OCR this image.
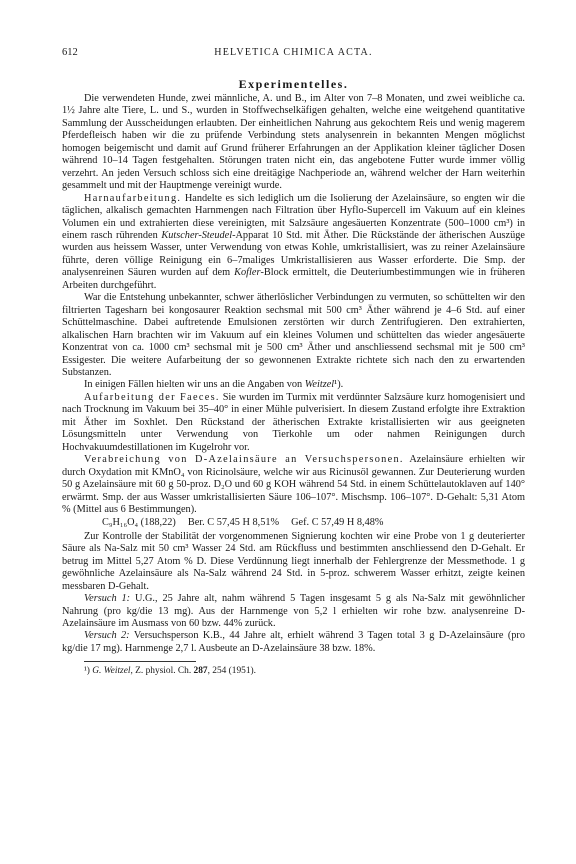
612	HELVETICA CHIMICA ACTA.
Experimentelles.

Die verwendeten Hunde, zwei männliche, A. und B., im Alter von 7–8 Monaten, und zwei weibliche ca. 1½ Jahre alte Tiere, L. und S., wurden in Stoffwechselkäfigen gehalten, welche eine weitgehend quantitative Sammlung der Ausscheidungen erlaubten. Der einheitlichen Nahrung aus gekochtem Reis und wenig magerem Pferdefleisch haben wir die zu prüfende Verbindung stets analysenrein in bekannten Mengen möglichst homogen beigemischt und damit auf Grund früherer Erfahrungen an der Applikation kleiner täglicher Dosen während 10–14 Tagen festgehalten. Störungen traten nicht ein, das angebotene Futter wurde immer völlig verzehrt. An jeden Versuch schloss sich eine dreitägige Nachperiode an, während welcher der Harn weiterhin gesammelt und mit der Hauptmenge vereinigt wurde.

Harnaufarbeitung. Handelte es sich lediglich um die Isolierung der Azelainsäure, so engten wir die täglichen, alkalisch gemachten Harnmengen nach Filtration über Hyflo-Supercell im Vakuum auf ein kleines Volumen ein und extrahierten diese vereinigten, mit Salzsäure angesäuerten Konzentrate (500–1000 cm³) in einem rasch rührenden Kutscher-Steudel-Apparat 10 Std. mit Äther. Die Rückstände der ätherischen Auszüge wurden aus heissem Wasser, unter Verwendung von etwas Kohle, umkristallisiert, was zu reiner Azelainsäure führte, deren völlige Reinigung ein 6–7maliges Umkristallisieren aus Wasser erforderte. Die Smp. der analysenreinen Säuren wurden auf dem Kofler-Block ermittelt, die Deuteriumbestimmungen wie in früheren Arbeiten durchgeführt.

War die Entstehung unbekannter, schwer ätherlöslicher Verbindungen zu vermuten, so schüttelten wir den filtrierten Tagesharn bei kongosaurer Reaktion sechsmal mit 500 cm³ Äther während je 4–6 Std. auf einer Schüttelmaschine. Dabei auftretende Emulsionen zerstörten wir durch Zentrifugieren. Den extrahierten, alkalischen Harn brachten wir im Vakuum auf ein kleines Volumen und schüttelten das wieder angesäuerte Konzentrat von ca. 1000 cm³ sechsmal mit je 500 cm³ Äther und anschliessend sechsmal mit je 500 cm³ Essigester. Die weitere Aufarbeitung der so gewonnenen Extrakte richtete sich nach den zu erwartenden Substanzen.

In einigen Fällen hielten wir uns an die Angaben von Weitzel¹).

Aufarbeitung der Faeces. Sie wurden im Turmix mit verdünnter Salzsäure kurz homogenisiert und nach Trocknung im Vakuum bei 35–40° in einer Mühle pulverisiert. In diesem Zustand erfolgte ihre Extraktion mit Äther im Soxhlet. Den Rückstand der ätherischen Extrakte kristallisierten wir aus geeigneten Lösungsmitteln unter Verwendung von Tierkohle um oder nahmen Reinigungen durch Hochvakuumdestillationen im Kugelrohr vor.

Verabreichung von D-Azelainsäure an Versuchspersonen. Azelainsäure erhielten wir durch Oxydation mit KMnO₄ von Ricinolsäure, welche wir aus Ricinusöl gewannen. Zur Deuterierung wurden 50 g Azelainsäure mit 60 g 50-proz. D₂O und 60 g KOH während 54 Std. in einem Schüttelautoklaven auf 140° erwärmt. Smp. der aus Wasser umkristallisierten Säure 106–107°. Mischsmp. 106–107°. D-Gehalt: 5,31 Atom % (Mittel aus 6 Bestimmungen).

C₉H₁₆O₄ (188,22) Ber. C 57,45 H 8,51% Gef. C 57,49 H 8,48%

Zur Kontrolle der Stabilität der vorgenommenen Signierung kochten wir eine Probe von 1 g deuterierter Säure als Na-Salz mit 50 cm³ Wasser 24 Std. am Rückfluss und bestimmten anschliessend den D-Gehalt. Er betrug im Mittel 5,27 Atom % D. Diese Verdünnung liegt innerhalb der Fehlergrenze der Messmethode. 1 g gewöhnliche Azelainsäure als Na-Salz während 24 Std. in 5-proz. schwerem Wasser erhitzt, zeigte keinen messbaren D-Gehalt.

Versuch 1: U.G., 25 Jahre alt, nahm während 5 Tagen insgesamt 5 g als Na-Salz mit gewöhnlicher Nahrung (pro kg/die 13 mg). Aus der Harnmenge von 5,2 l erhielten wir rohe bzw. analysenreine D-Azelainsäure im Ausmass von 60 bzw. 44% zurück.

Versuch 2: Versuchsperson K.B., 44 Jahre alt, erhielt während 3 Tagen total 3 g D-Azelainsäure (pro kg/die 17 mg). Harnmenge 2,7 l. Ausbeute an D-Azelainsäure 38 bzw. 18%.

¹) G. Weitzel, Z. physiol. Ch. 287, 254 (1951).
